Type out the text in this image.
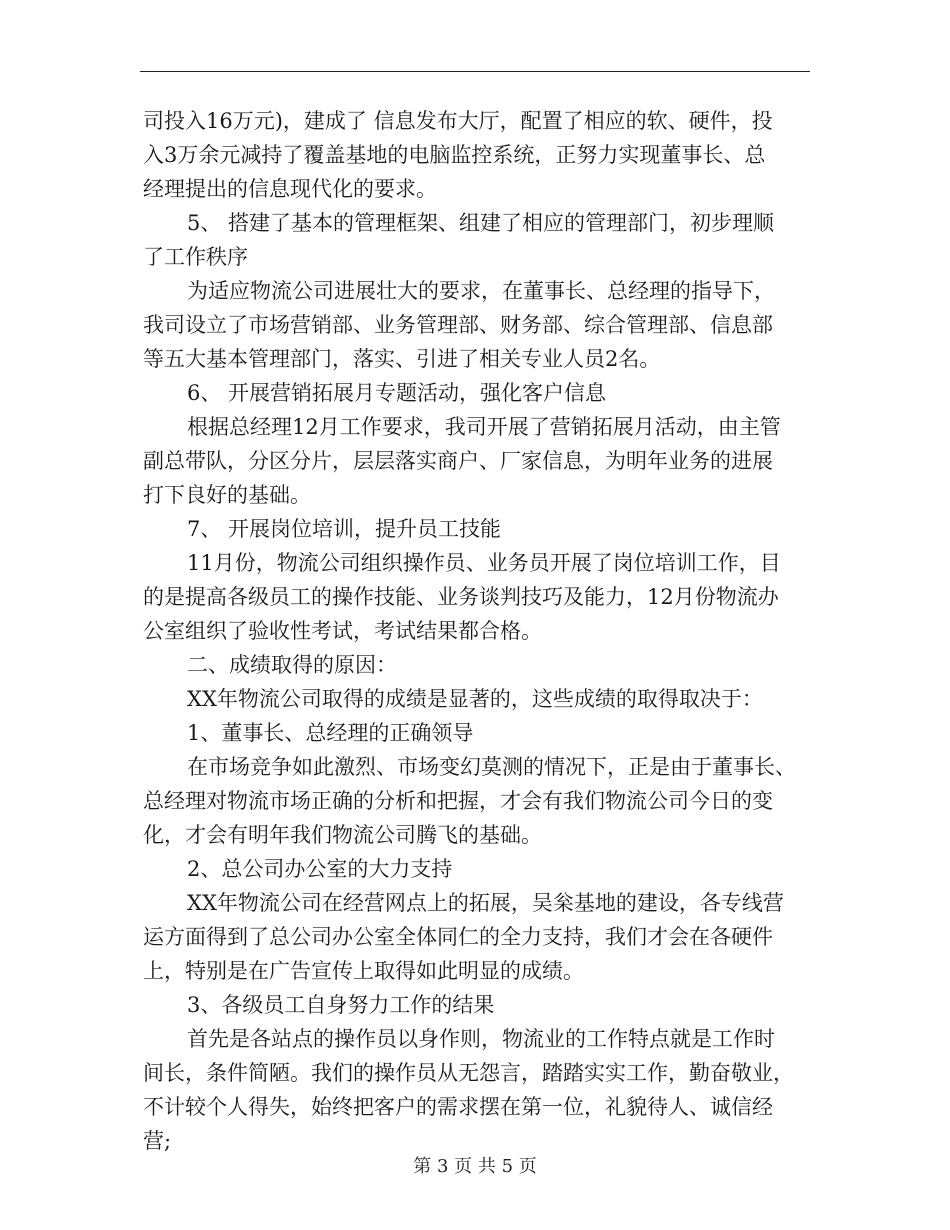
司投入16万元)，建成了 信息发布大厅，配置了相应的软、硬件，投
入3万余元减持了覆盖基地的电脑监控系统，正努力实现董事长、总
经理提出的信息现代化的要求。
5、 搭建了基本的管理框架、组建了相应的管理部门，初步理顺
了工作秩序
为适应物流公司进展壮大的要求，在董事长、总经理的指导下，
我司设立了市场营销部、业务管理部、财务部、综合管理部、信息部
等五大基本管理部门，落实、引进了相关专业人员2名。
6、 开展营销拓展月专题活动，强化客户信息
根据总经理12月工作要求，我司开展了营销拓展月活动，由主管
副总带队，分区分片，层层落实商户、厂家信息，为明年业务的进展
打下良好的基础。
7、 开展岗位培训，提升员工技能
11月份，物流公司组织操作员、业务员开展了岗位培训工作，目
的是提高各级员工的操作技能、业务谈判技巧及能力，12月份物流办
公室组织了验收性考试，考试结果都合格。
二、成绩取得的原因：
XX年物流公司取得的成绩是显著的，这些成绩的取得取决于：
1、董事长、总经理的正确领导
在市场竞争如此激烈、市场变幻莫测的情况下，正是由于董事长、
总经理对物流市场正确的分析和把握，才会有我们物流公司今日的变
化，才会有明年我们物流公司腾飞的基础。
2、总公司办公室的大力支持
XX年物流公司在经营网点上的拓展，吴枀基地的建设，各专线营
运方面得到了总公司办公室全体同仁的全力支持，我们才会在各硬件
上，特别是在广告宣传上取得如此明显的成绩。
3、各级员工自身努力工作的结果
首先是各站点的操作员以身作则，物流业的工作特点就是工作时
间长，条件简陋。我们的操作员从无怨言，踏踏实实工作，勤奋敬业，
不计较个人得失，始终把客户的需求摆在第一位，礼貌待人、诚信经
营;
第 3 页 共 5 页
